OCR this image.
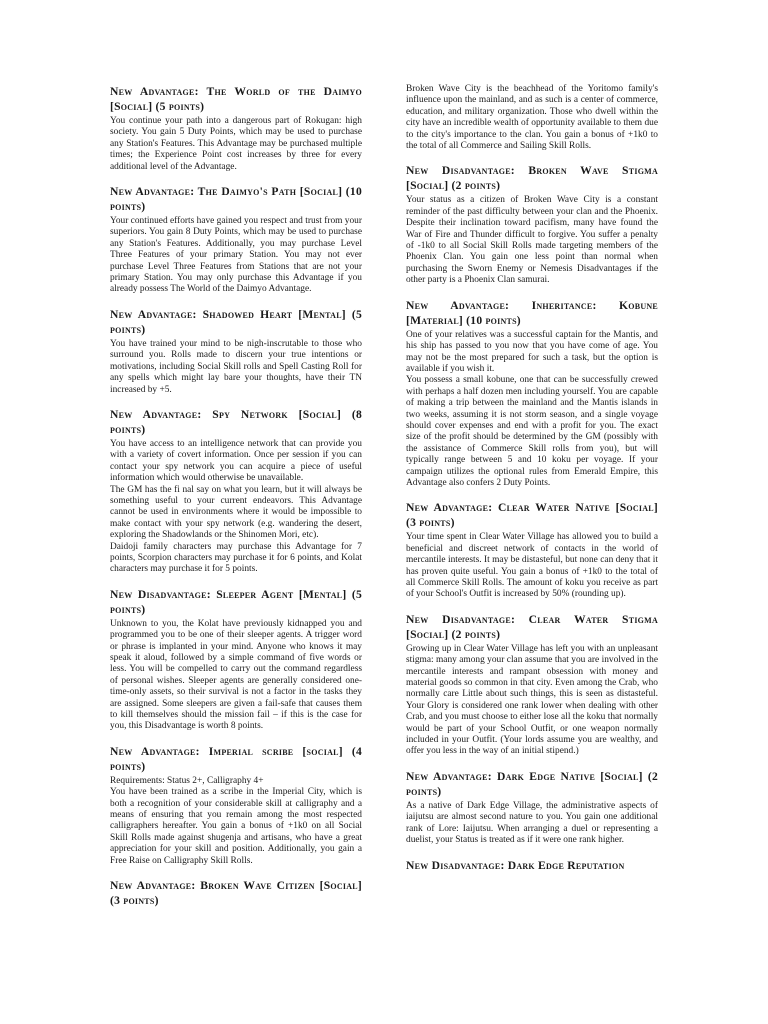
New Advantage: The World of the Daimyo [Social] (5 points)

You continue your path into a dangerous part of Rokugan: high society. You gain 5 Duty Points, which may be used to purchase any Station's Features. This Advantage may be purchased multiple times; the Experience Point cost increases by three for every additional level of the Advantage.

New Advantage: The Daimyo's Path [Social] (10 points)

Your continued efforts have gained you respect and trust from your superiors. You gain 8 Duty Points, which may be used to purchase any Station's Features. Additionally, you may purchase Level Three Features of your primary Station. You may not ever purchase Level Three Features from Stations that are not your primary Station. You may only purchase this Advantage if you already possess The World of the Daimyo Advantage.

New Advantage: Shadowed Heart [Mental] (5 points)

You have trained your mind to be nigh-inscrutable to those who surround you. Rolls made to discern your true intentions or motivations, including Social Skill rolls and Spell Casting Roll for any spells which might lay bare your thoughts, have their TN increased by +5.

New Advantage: Spy Network [Social] (8 points)

You have access to an intelligence network that can provide you with a variety of covert information. Once per session if you can contact your spy network you can acquire a piece of useful information which would otherwise be unavailable.

The GM has the fi nal say on what you learn, but it will always be something useful to your current endeavors. This Advantage cannot be used in environments where it would be impossible to make contact with your spy network (e.g. wandering the desert, exploring the Shadowlands or the Shinomen Mori, etc).

Daidoji family characters may purchase this Advantage for 7 points, Scorpion characters may purchase it for 6 points, and Kolat characters may purchase it for 5 points.

New Disadvantage: Sleeper Agent [Mental] (5 points)

Unknown to you, the Kolat have previously kidnapped you and programmed you to be one of their sleeper agents. A trigger word or phrase is implanted in your mind. Anyone who knows it may speak it aloud, followed by a simple command of five words or less. You will be compelled to carry out the command regardless of personal wishes. Sleeper agents are generally considered one-time-only assets, so their survival is not a factor in the tasks they are assigned. Some sleepers are given a fail-safe that causes them to kill themselves should the mission fail – if this is the case for you, this Disadvantage is worth 8 points.

New Advantage: Imperial scribe [social] (4 points)

Requirements: Status 2+, Calligraphy 4+

You have been trained as a scribe in the Imperial City, which is both a recognition of your considerable skill at calligraphy and a means of ensuring that you remain among the most respected calligraphers hereafter. You gain a bonus of +1k0 on all Social Skill Rolls made against shugenja and artisans, who have a great appreciation for your skill and position. Additionally, you gain a Free Raise on Calligraphy Skill Rolls.

New Advantage: Broken Wave Citizen [Social] (3 points)

Broken Wave City is the beachhead of the Yoritomo family's influence upon the mainland, and as such is a center of commerce, education, and military organization. Those who dwell within the city have an incredible wealth of opportunity available to them due to the city's importance to the clan. You gain a bonus of +1k0 to the total of all Commerce and Sailing Skill Rolls.

New Disadvantage: Broken Wave Stigma [Social] (2 points)

Your status as a citizen of Broken Wave City is a constant reminder of the past difficulty between your clan and the Phoenix. Despite their inclination toward pacifism, many have found the War of Fire and Thunder difficult to forgive. You suffer a penalty of -1k0 to all Social Skill Rolls made targeting members of the Phoenix Clan. You gain one less point than normal when purchasing the Sworn Enemy or Nemesis Disadvantages if the other party is a Phoenix Clan samurai.

New Advantage: Inheritance: Kobune [Material] (10 points)

One of your relatives was a successful captain for the Mantis, and his ship has passed to you now that you have come of age. You may not be the most prepared for such a task, but the option is available if you wish it.

You possess a small kobune, one that can be successfully crewed with perhaps a half dozen men including yourself. You are capable of making a trip between the mainland and the Mantis islands in two weeks, assuming it is not storm season, and a single voyage should cover expenses and end with a profit for you. The exact size of the profit should be determined by the GM (possibly with the assistance of Commerce Skill rolls from you), but will typically range between 5 and 10 koku per voyage. If your campaign utilizes the optional rules from Emerald Empire, this Advantage also confers 2 Duty Points.

New Advantage: Clear Water Native [Social] (3 points)

Your time spent in Clear Water Village has allowed you to build a beneficial and discreet network of contacts in the world of mercantile interests. It may be distasteful, but none can deny that it has proven quite useful. You gain a bonus of +1k0 to the total of all Commerce Skill Rolls. The amount of koku you receive as part of your School's Outfit is increased by 50% (rounding up).

New Disadvantage: Clear Water Stigma [Social] (2 points)

Growing up in Clear Water Village has left you with an unpleasant stigma: many among your clan assume that you are involved in the mercantile interests and rampant obsession with money and material goods so common in that city. Even among the Crab, who normally care Little about such things, this is seen as distasteful. Your Glory is considered one rank lower when dealing with other Crab, and you must choose to either lose all the koku that normally would be part of your School Outfit, or one weapon normally included in your Outfit. (Your lords assume you are wealthy, and offer you less in the way of an initial stipend.)

New Advantage: Dark Edge Native [Social] (2 points)

As a native of Dark Edge Village, the administrative aspects of iaijutsu are almost second nature to you. You gain one additional rank of Lore: Iaijutsu. When arranging a duel or representing a duelist, your Status is treated as if it were one rank higher.

New Disadvantage: Dark Edge Reputation
